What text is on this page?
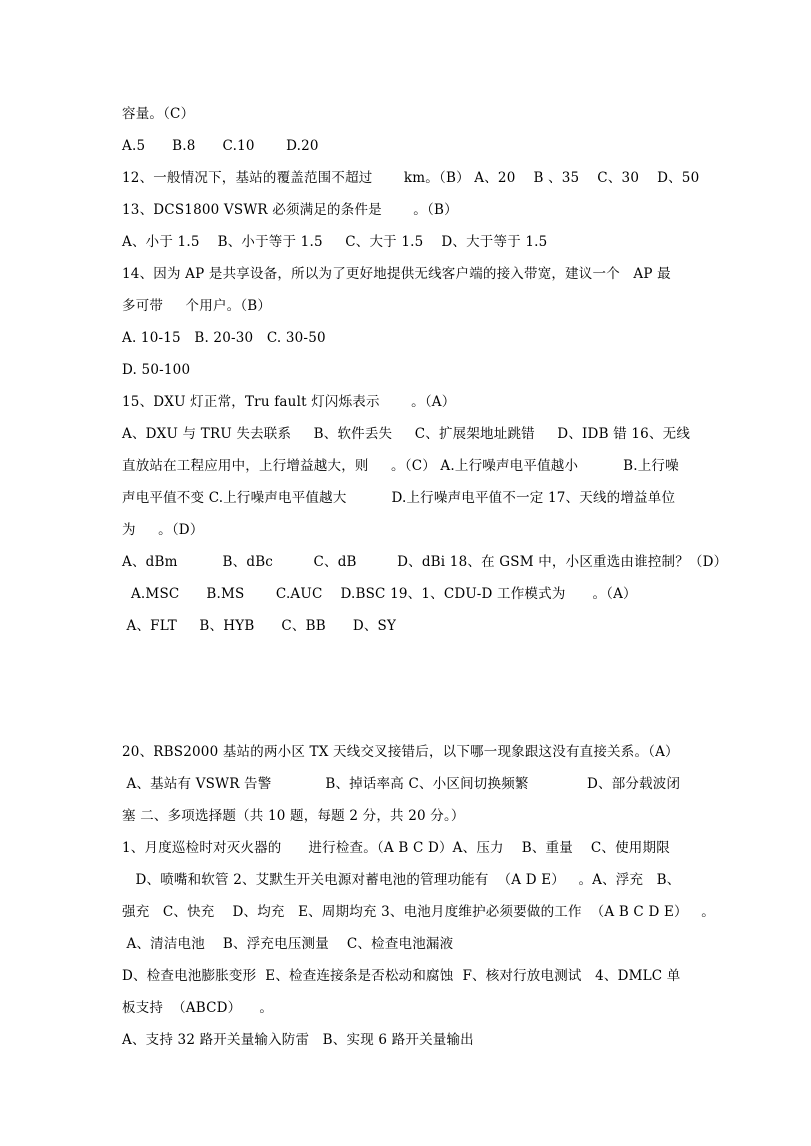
容量。（C）
A.5      B.8      C.10       D.20
12、一般情况下，基站的覆盖范围不超过       km。（B） A、20    B 、35    C、30    D、50
13、DCS1800 VSWR 必须满足的条件是       。（B）
A、小于 1.5    B、小于等于 1.5     C、大于 1.5    D、大于等于 1.5
14、因为 AP 是共享设备，所以为了更好地提供无线客户端的接入带宽，建议一个   AP 最
多可带     个用户。（B）
A. 10-15   B. 20-30   C. 30-50
D. 50-100
15、DXU 灯正常，Tru fault 灯闪烁表示       。（A）
A、DXU 与 TRU 失去联系     B、软件丢失     C、扩展架地址跳错     D、IDB 错 16、无线
直放站在工程应用中，上行增益越大，则     。（C） A.上行噪声电平值越小          B.上行噪
声电平值不变 C.上行噪声电平值越大          D.上行噪声电平值不一定 17、天线的增益单位
为     。（D）
A、dBm          B、dBc         C、dB         D、dBi 18、在 GSM 中，小区重选由谁控制？（D）
A.MSC      B.MS       C.AUC    D.BSC 19、1、CDU-D 工作模式为      。（A）
A、FLT     B、HYB      C、BB      D、SY
20、RBS2000 基站的两小区 TX 天线交叉接错后，以下哪一现象跟这没有直接关系。（A）
A、基站有 VSWR 告警            B、掉话率高 C、小区间切换频繁             D、部分载波闭
塞 二、多项选择题（共 10 题，每题 2 分，共 20 分。）
1、月度巡检时对灭火器的      进行检查。（A B C D）A、压力    B、重量    C、使用期限
D、喷嘴和软管 2、艾默生开关电源对蓄电池的管理功能有  （A D E）   。A、浮充   B、
强充   C、快充    D、均充   E、周期均充 3、电池月度维护必须要做的工作  （A B C D E）   。
A、清洁电池    B、浮充电压测量    C、检查电池漏液
D、检查电池膨胀变形  E、检查连接条是否松动和腐蚀  F、核对行放电测试   4、DMLC 单
板支持  （ABCD）    。
A、支持 32 路开关量输入防雷   B、实现 6 路开关量输出
